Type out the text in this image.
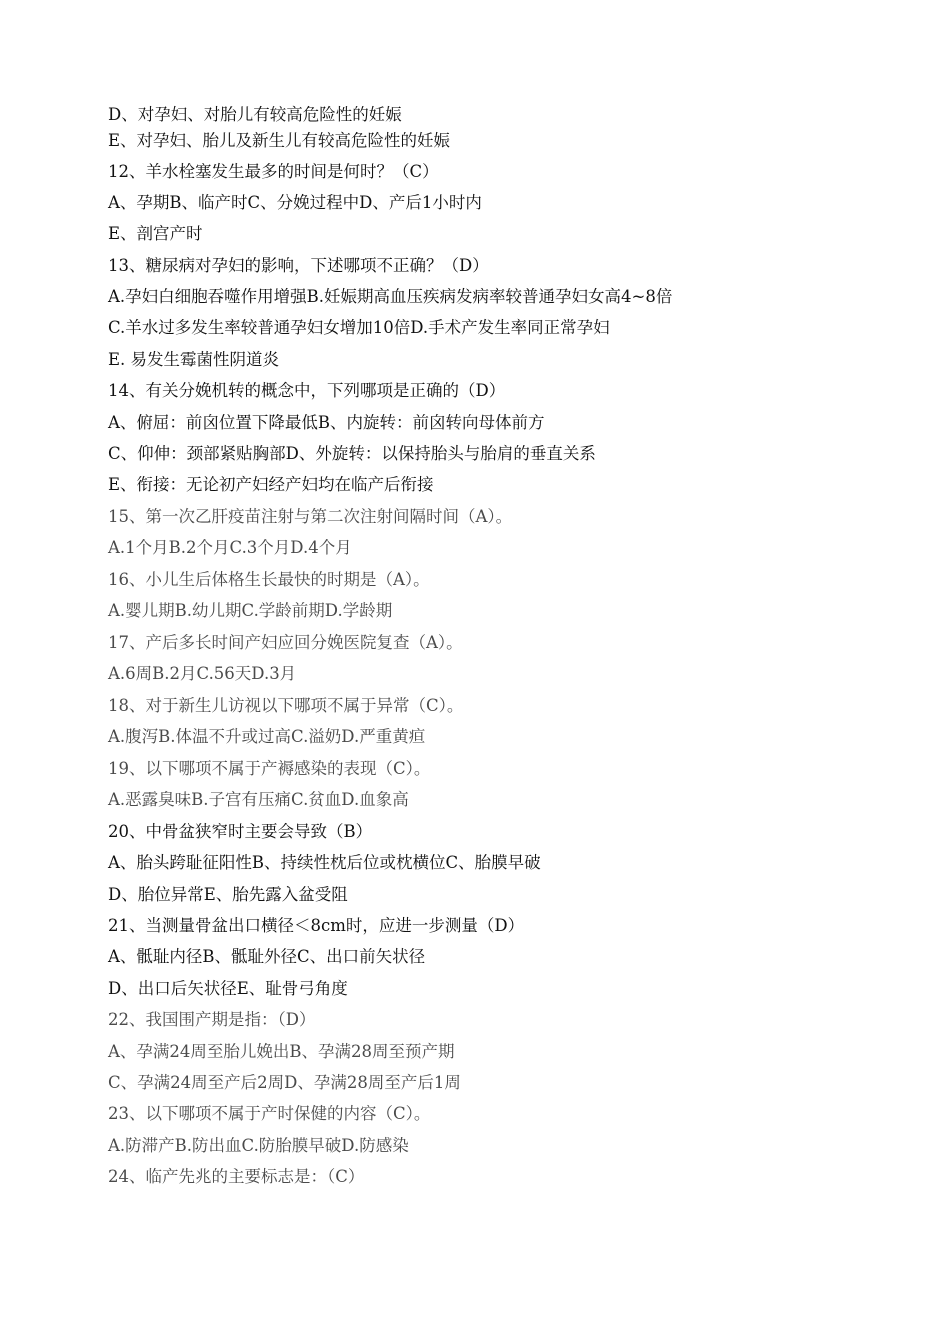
D、对孕妇、对胎儿有较高危险性的妊娠
E、对孕妇、胎儿及新生儿有较高危险性的妊娠
12、羊水栓塞发生最多的时间是何时？（C）
A、孕期B、临产时C、分娩过程中D、产后1小时内
E、剖宫产时
13、糖尿病对孕妇的影响，下述哪项不正确？（D）
A.孕妇白细胞吞噬作用增强B.妊娠期高血压疾病发病率较普通孕妇女高4~8倍
C.羊水过多发生率较普通孕妇女增加10倍D.手术产发生率同正常孕妇
E. 易发生霉菌性阴道炎
14、有关分娩机转的概念中，下列哪项是正确的（D）
A、俯屈：前囟位置下降最低B、内旋转：前囟转向母体前方
C、仰伸：颈部紧贴胸部D、外旋转：以保持胎头与胎肩的垂直关系
E、衔接：无论初产妇经产妇均在临产后衔接
15、第一次乙肝疫苗注射与第二次注射间隔时间（A）。
A.1个月B.2个月C.3个月D.4个月
16、小儿生后体格生长最快的时期是（A）。
A.婴儿期B.幼儿期C.学龄前期D.学龄期
17、产后多长时间产妇应回分娩医院复查（A）。
A.6周B.2月C.56天D.3月
18、对于新生儿访视以下哪项不属于异常（C）。
A.腹泻B.体温不升或过高C.溢奶D.严重黄疸
19、以下哪项不属于产褥感染的表现（C）。
A.恶露臭味B.子宫有压痛C.贫血D.血象高
20、中骨盆狭窄时主要会导致（B）
A、胎头跨耻征阳性B、持续性枕后位或枕横位C、胎膜早破
D、胎位异常E、胎先露入盆受阻
21、当测量骨盆出口横径＜8cm时，应进一步测量（D）
A、骶耻内径B、骶耻外径C、出口前矢状径
D、出口后矢状径E、耻骨弓角度
22、我国围产期是指：（D）
A、孕满24周至胎儿娩出B、孕满28周至预产期
C、孕满24周至产后2周D、孕满28周至产后1周
23、以下哪项不属于产时保健的内容（C）。
A.防滞产B.防出血C.防胎膜早破D.防感染
24、临产先兆的主要标志是：（C）
